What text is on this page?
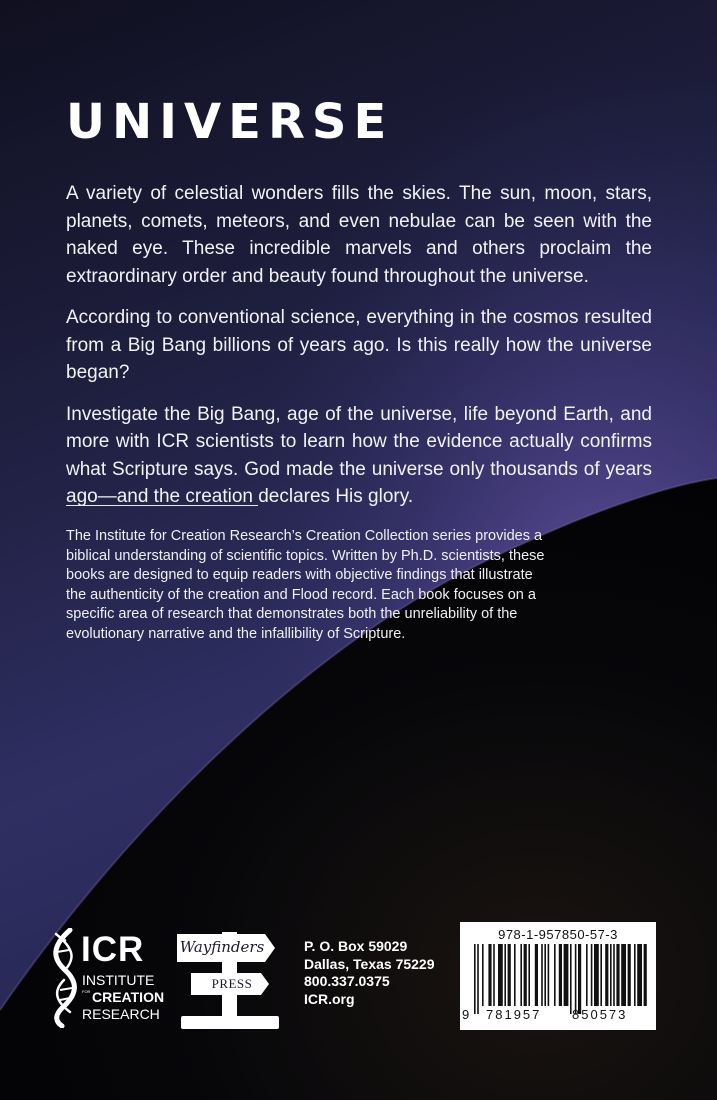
UNIVERSE

A variety of celestial wonders fills the skies. The sun, moon, stars, planets, comets, meteors, and even nebulae can be seen with the naked eye. These incredible marvels and others proclaim the extraordinary order and beauty found throughout the universe.

According to conventional science, everything in the cosmos resulted from a Big Bang billions of years ago. Is this really how the universe began?

Investigate the Big Bang, age of the universe, life beyond Earth, and more with ICR scientists to learn how the evidence actually confirms what Scripture says. God made the universe only thousands of years ago—and the creation declares His glory.

The Institute for Creation Research’s Creation Collection series provides a biblical understanding of scientific topics. Written by Ph.D. scientists, these books are designed to equip readers with objective findings that illustrate the authenticity of the creation and Flood record. Each book focuses on a specific area of research that demonstrates both the unreliability of the evolutionary narrative and the infallibility of Scripture.
ICR
INSTITUTE
FOR CREATION
RESEARCH
Wayfinders
PRESS
P. O. Box 59029
Dallas, Texas 75229
800.337.0375
ICR.org
978-1-957850-57-3
9 781957 850573
